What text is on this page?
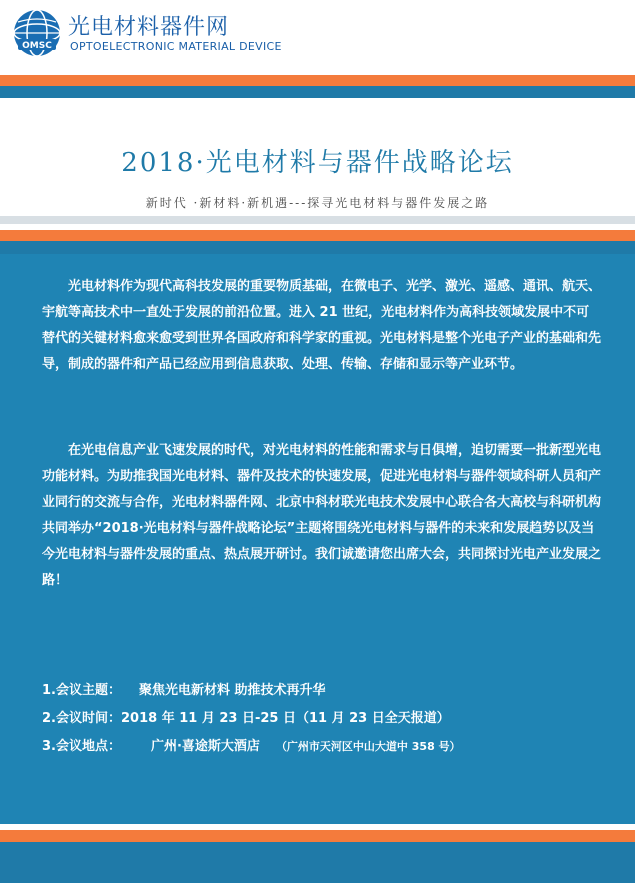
OMSC
光电材料器件网
OPTOELECTRONIC MATERIAL DEVICE
2018·光电材料与器件战略论坛
新时代 ·新材料·新机遇---探寻光电材料与器件发展之路
光电材料作为现代高科技发展的重要物质基础，在微电子、光学、激光、遥感、通讯、航天、宇航等高技术中一直处于发展的前沿位置。进入 21 世纪，光电材料作为高科技领域发展中不可替代的关键材料愈来愈受到世界各国政府和科学家的重视。光电材料是整个光电子产业的基础和先导，制成的器件和产品已经应用到信息获取、处理、传输、存储和显示等产业环节。
在光电信息产业飞速发展的时代，对光电材料的性能和需求与日俱增，迫切需要一批新型光电功能材料。为助推我国光电材料、器件及技术的快速发展，促进光电材料与器件领域科研人员和产业同行的交流与合作，光电材料器件网、北京中科材联光电技术发展中心联合各大高校与科研机构共同举办“2018·光电材料与器件战略论坛”主题将围绕光电材料与器件的未来和发展趋势以及当今光电材料与器件发展的重点、热点展开研讨。我们诚邀请您出席大会，共同探讨光电产业发展之路！
1.会议主题： 聚焦光电新材料 助推技术再升华
2.会议时间：2018 年 11 月 23 日-25 日（11 月 23 日全天报道）
3.会议地点： 广州·喜途斯大酒店 （广州市天河区中山大道中 358 号）
